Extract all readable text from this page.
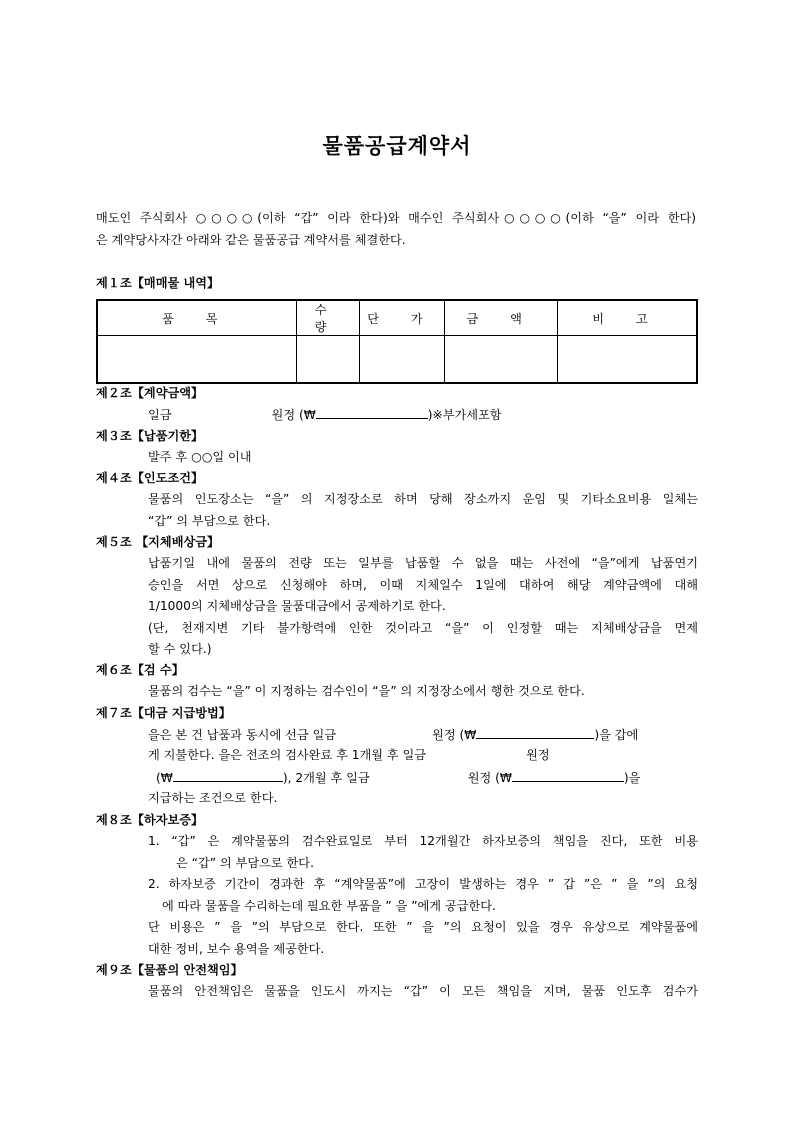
물품공급계약서
매도인 주식회사 ○○○○(이하 “갑” 이라 한다)와 매수인 주식회사○○○○(이하 “을” 이라 한다)
은 계약당사자간 아래와 같은 물품공급 계약서를 체결한다.
제１조【매매물 내역】
품 목	수 량	단 가	금 액	비 고

제２조【계약금액】
일금	원정 (₩	)※부가세포함
제３조【납품기한】
발주 후 ○○일 이내
제４조【인도조건】
물품의 인도장소는 “을” 의 지정장소로 하며 당해 장소까지 운임 및 기타소요비용 일체는
“갑” 의 부담으로 한다.
제５조 【지체배상금】
납품기일 내에 물품의 전량 또는 일부를 납품할 수 없을 때는 사전에 “을”에게 납품연기
승인을 서면 상으로 신청해야 하며, 이때 지체일수 1일에 대하여 해당 계약금액에 대해
1/1000의 지체배상금을 물품대금에서 공제하기로 한다.
(단, 천재지변 기타 불가항력에 인한 것이라고 “을” 이 인정할 때는 지체배상금을 면제
할 수 있다.)
제６조【검 수】
물품의 검수는 “을” 이 지정하는 검수인이 “을” 의 지정장소에서 행한 것으로 한다.
제７조【대금 지급방법】
을은 본 건 납품과 동시에 선금 일금	원정 (₩	)을 갑에
게 지불한다. 을은 전조의 검사완료 후 1개월 후 일금	원정
(₩	), 2개월 후 일금	원정 (₩	)을
지급하는 조건으로 한다.
제８조【하자보증】
1. “갑” 은 계약물품의 검수완료일로 부터 12개월간 하자보증의 책임을 진다, 또한 비용
은 “갑” 의 부담으로 한다.
2. 하자보증 기간이 경과한 후 “계약물품”에 고장이 발생하는 경우 ” 갑 ”은 ” 을 ”의 요청
에 따라 물품을 수리하는데 필요한 부품을 ” 을 ”에게 공급한다.
단 비용은 ” 을 ”의 부담으로 한다. 또한 ” 을 ”의 요청이 있을 경우 유상으로 계약물품에
대한 정비, 보수 용역을 제공한다.
제９조【물품의 안전책임】
물품의 안전책임은 물품을 인도시 까지는 “갑” 이 모든 책임을 지며, 물품 인도후 검수가
